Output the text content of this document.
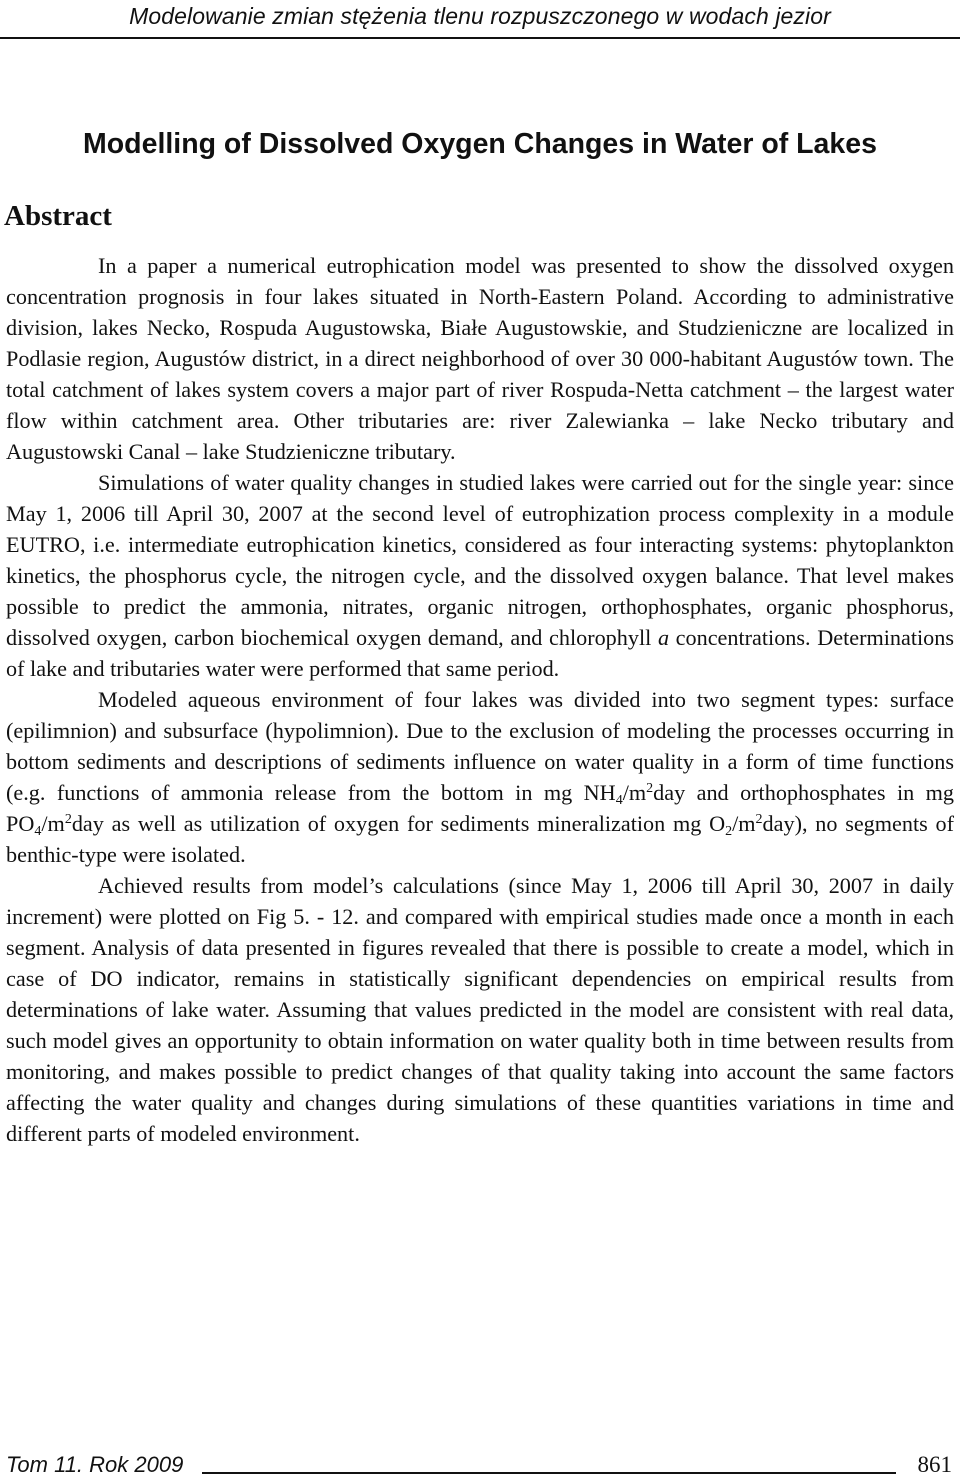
Modelowanie zmian stężenia tlenu rozpuszczonego w wodach jezior
Modelling of Dissolved Oxygen Changes in Water of Lakes
Abstract

In a paper a numerical eutrophication model was presented to show the dissolved oxygen concentration prognosis in four lakes situated in North-Eastern Poland. According to administrative division, lakes Necko, Rospuda Augustowska, Białe Augustowskie, and Studzieniczne are localized in Podlasie region, Augustów district, in a direct neighborhood of over 30 000-habitant Augustów town. The total catchment of lakes system covers a major part of river Rospuda-Netta catchment – the largest water flow within catchment area. Other tributaries are: river Zalewianka – lake Necko tributary and Augustowski Canal – lake Studzieniczne tributary.

Simulations of water quality changes in studied lakes were carried out for the single year: since May 1, 2006 till April 30, 2007 at the second level of eutrophization process complexity in a module EUTRO, i.e. intermediate eutrophication kinetics, considered as four interacting systems: phytoplankton kinetics, the phosphorus cycle, the nitrogen cycle, and the dissolved oxygen balance. That level makes possible to predict the ammonia, nitrates, organic nitrogen, orthophosphates, organic phosphorus, dissolved oxygen, carbon biochemical oxygen demand, and chlorophyll a concentrations. Determinations of lake and tributaries water were performed that same period.

Modeled aqueous environment of four lakes was divided into two segment types: surface (epilimnion) and subsurface (hypolimnion). Due to the exclusion of modeling the processes occurring in bottom sediments and descriptions of sediments influence on water quality in a form of time functions (e.g. functions of ammonia release from the bottom in mg $NH_4/m^2day$ and orthophosphates in mg $PO_4/m^2day$ as well as utilization of oxygen for sediments mineralization mg $O_2/m^2day$), no segments of benthic-type were isolated.

Achieved results from model’s calculations (since May 1, 2006 till April 30, 2007 in daily increment) were plotted on Fig 5. - 12. and compared with empirical studies made once a month in each segment. Analysis of data presented in figures revealed that there is possible to create a model, which in case of DO indicator, remains in statistically significant dependencies on empirical results from determinations of lake water. Assuming that values predicted in the model are consistent with real data, such model gives an opportunity to obtain information on water quality both in time between results from monitoring, and makes possible to predict changes of that quality taking into account the same factors affecting the water quality and changes during simulations of these quantities variations in time and different parts of modeled environment.

Tom 11. Rok 2009	861
